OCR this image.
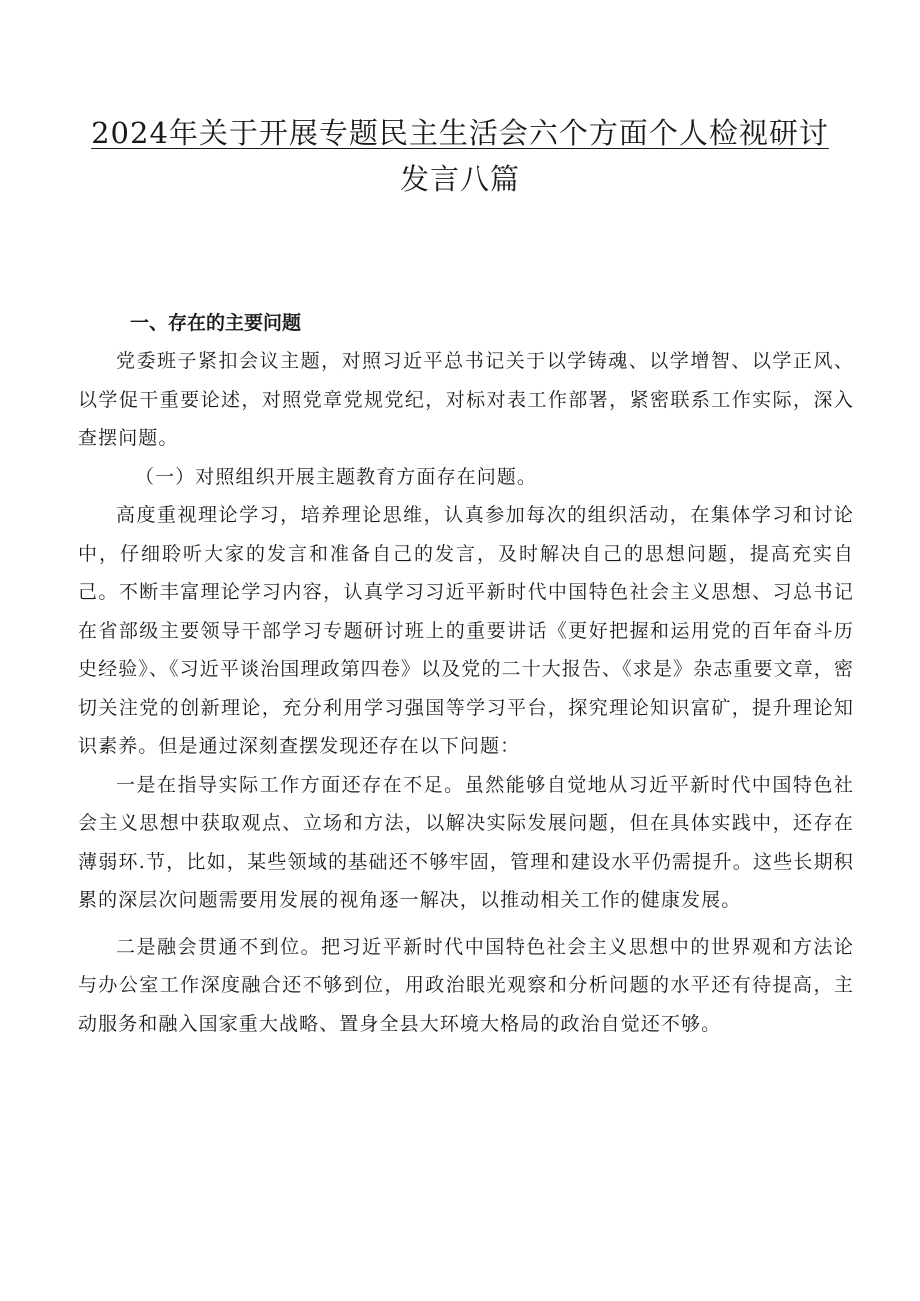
2024年关于开展专题民主生活会六个方面个人检视研讨
发言八篇

一、存在的主要问题

党委班子紧扣会议主题，对照习近平总书记关于以学铸魂、以学增智、以学正风、以学促干重要论述，对照党章党规党纪，对标对表工作部署，紧密联系工作实际，深入查摆问题。

（一）对照组织开展主题教育方面存在问题。

高度重视理论学习，培养理论思维，认真参加每次的组织活动，在集体学习和讨论中，仔细聆听大家的发言和准备自己的发言，及时解决自己的思想问题，提高充实自己。不断丰富理论学习内容，认真学习习近平新时代中国特色社会主义思想、习总书记在省部级主要领导干部学习专题研讨班上的重要讲话《更好把握和运用党的百年奋斗历史经验》、《习近平谈治国理政第四卷》以及党的二十大报告、《求是》杂志重要文章，密切关注党的创新理论，充分利用学习强国等学习平台，探究理论知识富矿，提升理论知识素养。但是通过深刻查摆发现还存在以下问题：

一是在指导实际工作方面还存在不足。虽然能够自觉地从习近平新时代中国特色社会主义思想中获取观点、立场和方法，以解决实际发展问题，但在具体实践中，还存在薄弱环.节，比如，某些领域的基础还不够牢固，管理和建设水平仍需提升。这些长期积累的深层次问题需要用发展的视角逐一解决，以推动相关工作的健康发展。

二是融会贯通不到位。把习近平新时代中国特色社会主义思想中的世界观和方法论与办公室工作深度融合还不够到位，用政治眼光观察和分析问题的水平还有待提高，主动服务和融入国家重大战略、置身全县大环境大格局的政治自觉还不够。
